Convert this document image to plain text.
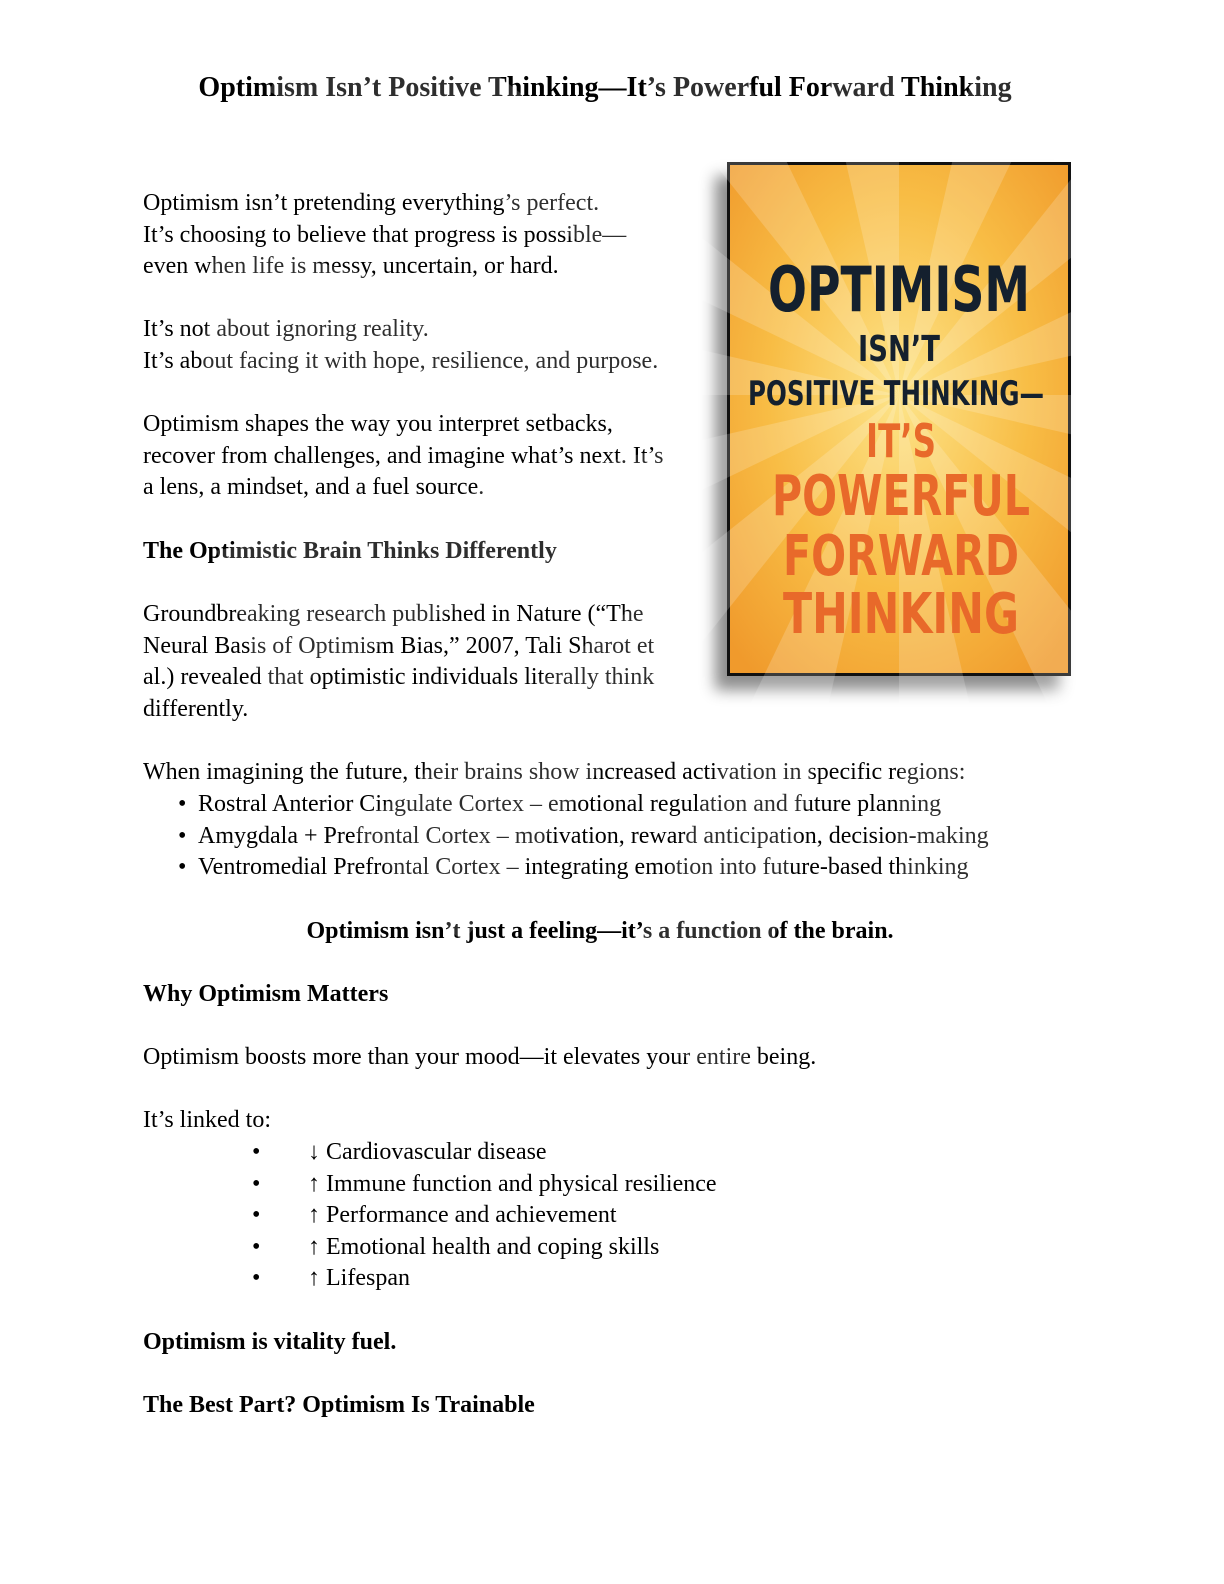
Optimism Isn’t Positive Thinking—It’s Powerful Forward Thinking
Optimism isn’t pretending everything’s perfect.
It’s choosing to believe that progress is possible—
even when life is messy, uncertain, or hard.
It’s not about ignoring reality.
It’s about facing it with hope, resilience, and purpose.
Optimism shapes the way you interpret setbacks,
recover from challenges, and imagine what’s next. It’s
a lens, a mindset, and a fuel source.
The Optimistic Brain Thinks Differently
Groundbreaking research published in Nature (“The
Neural Basis of Optimism Bias,” 2007, Tali Sharot et
al.) revealed that optimistic individuals literally think
differently.
When imagining the future, their brains show increased activation in specific regions:
• Rostral Anterior Cingulate Cortex – emotional regulation and future planning
• Amygdala + Prefrontal Cortex – motivation, reward anticipation, decision-making
• Ventromedial Prefrontal Cortex – integrating emotion into future-based thinking
Optimism isn’t just a feeling—it’s a function of the brain.
Why Optimism Matters
Optimism boosts more than your mood—it elevates your entire being.
It’s linked to:
• ↓ Cardiovascular disease
• ↑ Immune function and physical resilience
• ↑ Performance and achievement
• ↑ Emotional health and coping skills
• ↑ Lifespan
Optimism is vitality fuel.
The Best Part? Optimism Is Trainable
OPTIMISM
ISN’T
POSITIVE THINKING—
IT’S
POWERFUL
FORWARD
THINKING
